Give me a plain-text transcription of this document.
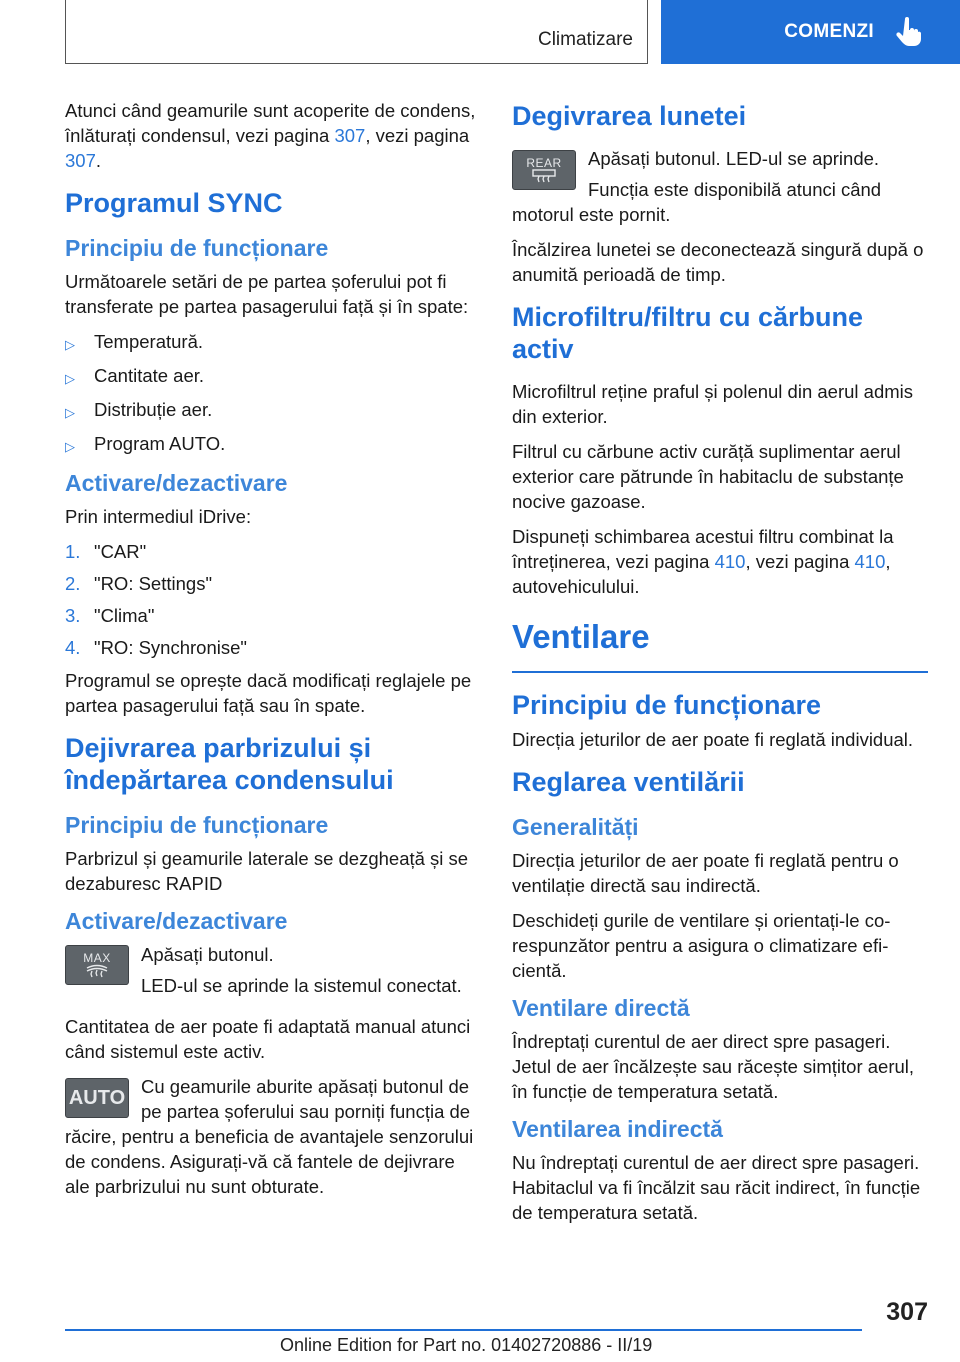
Climatizare	COMENZI

Atunci când geamurile sunt acoperite de condens, înlăturați condensul, vezi pagina 307, vezi pagina 307.

Programul SYNC
Principiu de funcționare

Următoarele setări de pe partea șoferului pot fi transferate pe partea pasagerului față și în spate:

▷	Temperatură.
▷	Cantitate aer.
▷	Distribuție aer.
▷	Program AUTO.
Activare/dezactivare

Prin intermediul iDrive:

1. "CAR"
2. "RO: Settings"
3. "Clima"
4. "RO: Synchronise"

Programul se oprește dacă modificați reglajele pe partea pasagerului față sau în spate.

Dejivrarea parbrizului și îndepărtarea condensului
Principiu de funcționare

Parbrizul și geamurile laterale se dezgheață și se dezaburesc RAPID

Activare/dezactivare
MAX Apăsați butonul.

LED-ul se aprinde la sistemul conectat.

Cantitatea de aer poate fi adaptată manual atunci când sistemul este activ.

AUTO

Cu geamurile aburite apăsați butonul de pe partea șoferului sau porniți funcția de răcire, pentru a beneficia de avantajele senzorului de condens. Asigurați-vă că fantele de dejivrare ale parbrizului nu sunt obturate.

Degivrarea lunetei
REAR	Apăsați butonul. LED-ul se aprinde.

Funcția este disponibilă atunci când motorul este pornit.

Încălzirea lunetei se deconectează singură după o anumită perioadă de timp.

Microfiltru/filtru cu cărbune activ

Microfiltrul reține praful și polenul din aerul admis din exterior.

Filtrul cu cărbune activ curăță suplimentar aerul exterior care pătrunde în habitaclu de substanțe nocive gazoase.

Dispuneți schimbarea acestui filtru combinat la întreținerea, vezi pagina 410, vezi pagina 410, autovehiculului.

Ventilare
Principiu de funcționare

Direcția jeturilor de aer poate fi reglată individual.

Reglarea ventilării
Generalități

Direcția jeturilor de aer poate fi reglată pentru o ventilație directă sau indirectă.

Deschideți gurile de ventilare și orientați-le corespunzător pentru a asigura o climatizare eficientă.

Ventilare directă

Îndreptați curentul de aer direct spre pasageri. Jetul de aer încălzește sau răcește simțitor aerul, în funcție de temperatura setată.

Ventilarea indirectă

Nu îndreptați curentul de aer direct spre pasageri. Habitaclul va fi încălzit sau răcit indirect, în funcție de temperatura setată.

307
Online Edition for Part no. 01402720886 - II/19
